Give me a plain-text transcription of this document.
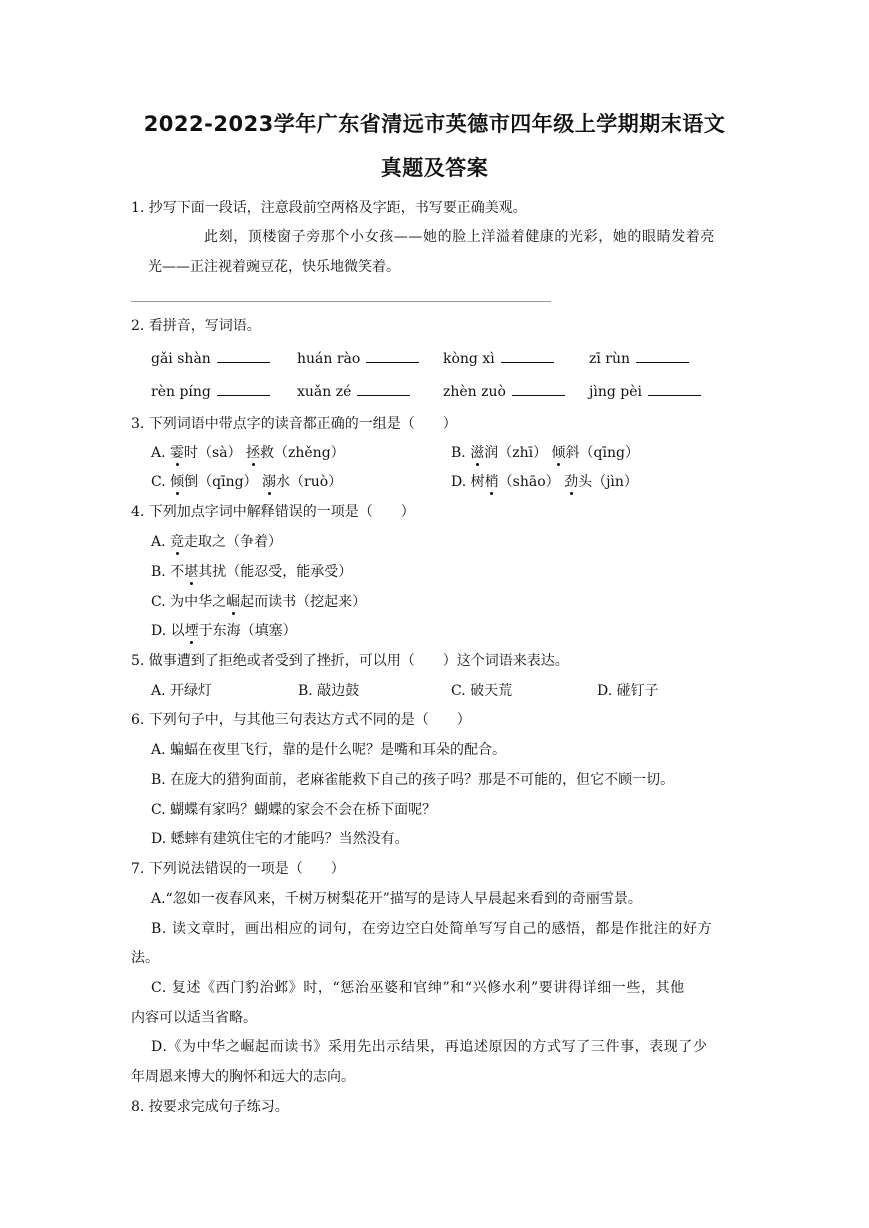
2022-2023学年广东省清远市英德市四年级上学期期末语文
真题及答案
1. 抄写下面一段话，注意段前空两格及字距，书写要正确美观。
此刻，顶楼窗子旁那个小女孩——她的脸上洋溢着健康的光彩，她的眼睛发着亮
光——正注视着豌豆花，快乐地微笑着。
2. 看拼音，写词语。
gǎi shàn	huán rào	kòng xì	zī rùn
rèn píng	xuǎn zé	zhèn zuò	jìng pèi
3. 下列词语中带点字的读音都正确的一组是（　　）
A. 霎时（sà） 拯救（zhěng）	B. 滋润（zhī） 倾斜（qīng）
C. 倾倒（qīng） 溺水（ruò）	D. 树梢（shāo） 劲头（jìn）
4. 下列加点字词中解释错误的一项是（　　）
A. 竞走取之（争着）
B. 不堪其扰（能忍受，能承受）
C. 为中华之崛起而读书（挖起来）
D. 以堙于东海（填塞）
5. 做事遭到了拒绝或者受到了挫折，可以用（　　）这个词语来表达。
A. 开绿灯	B. 敲边鼓	C. 破天荒	D. 碰钉子
6. 下列句子中，与其他三句表达方式不同的是（　　）
A. 蝙蝠在夜里飞行，靠的是什么呢？是嘴和耳朵的配合。
B. 在庞大的猎狗面前，老麻雀能救下自己的孩子吗？那是不可能的，但它不顾一切。
C. 蝴蝶有家吗？蝴蝶的家会不会在桥下面呢？
D. 蟋蟀有建筑住宅的才能吗？当然没有。
7. 下列说法错误的一项是（　　）
A.“忽如一夜春风来，千树万树梨花开”描写的是诗人早晨起来看到的奇丽雪景。
B. 读文章时，画出相应的词句，在旁边空白处简单写写自己的感悟，都是作批注的好方
法。
C. 复述《西门豹治邺》时，“惩治巫婆和官绅”和“兴修水利”要讲得详细一些，其他
内容可以适当省略。
D.《为中华之崛起而读书》采用先出示结果，再追述原因的方式写了三件事，表现了少
年周恩来博大的胸怀和远大的志向。
8. 按要求完成句子练习。
